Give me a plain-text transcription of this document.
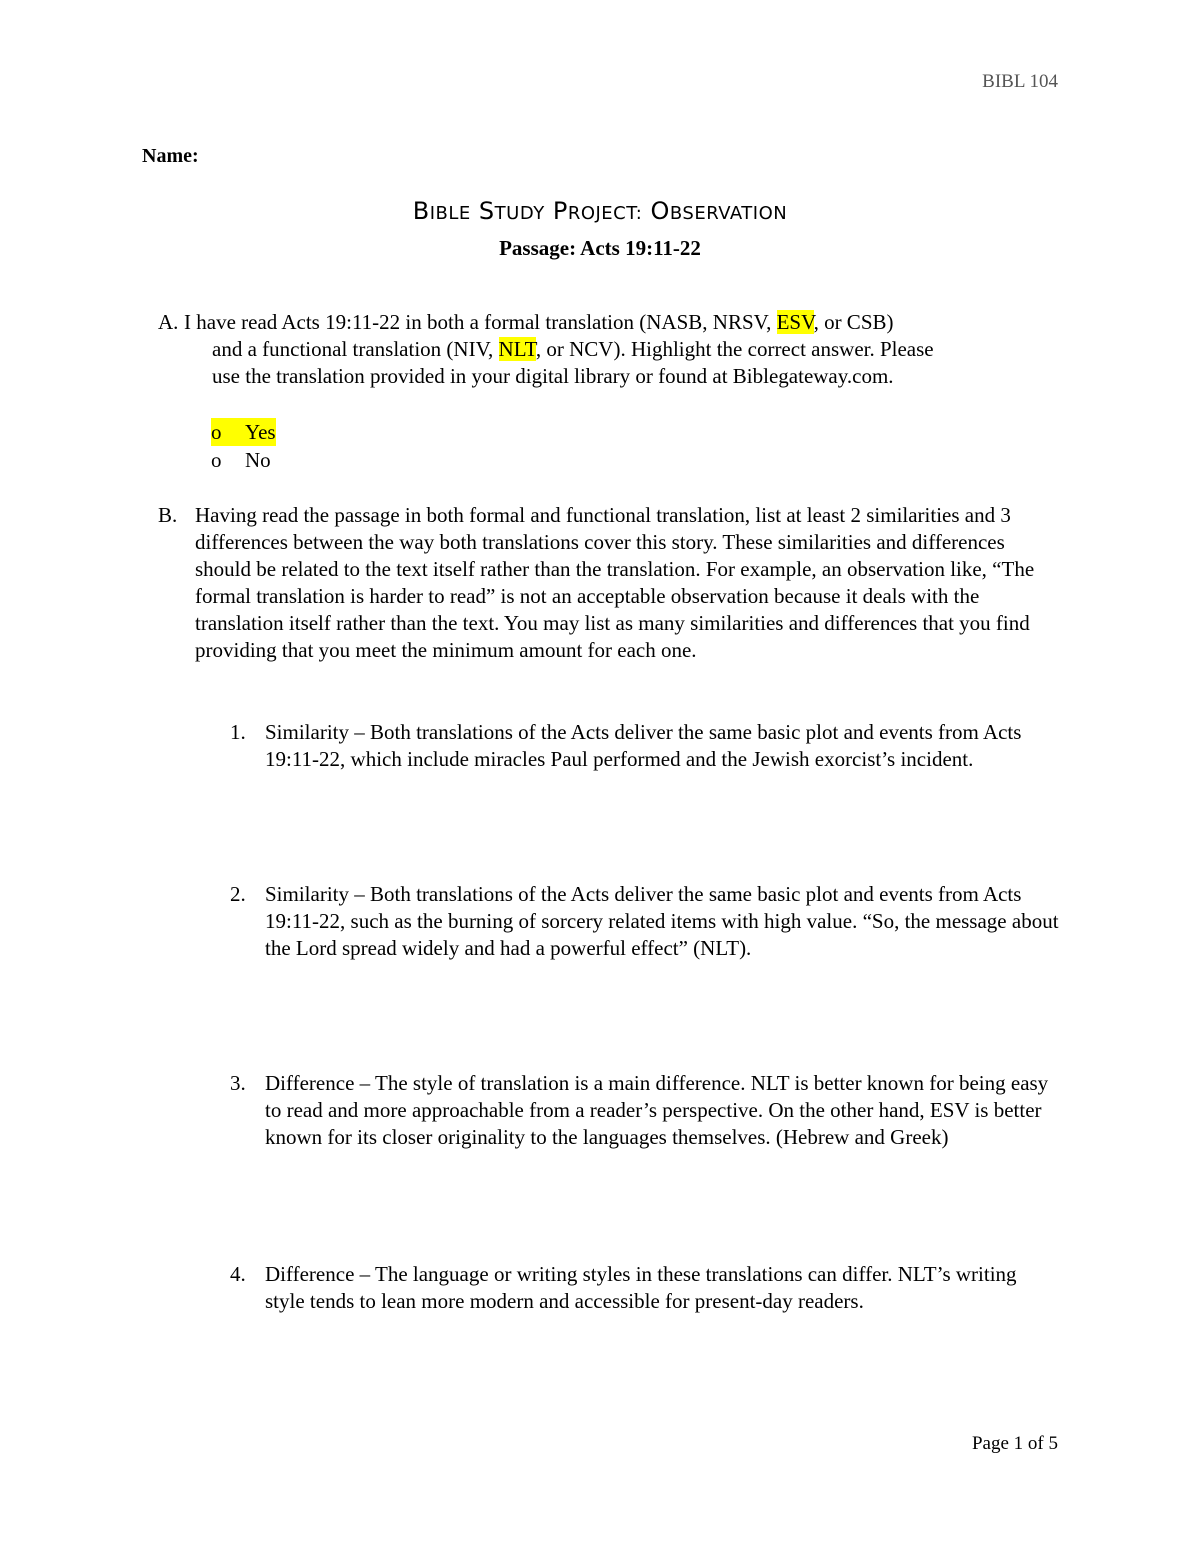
BIBL 104
Name:
BIBLE STUDY PROJECT: OBSERVATION
Passage: Acts 19:11-22
A. I have read Acts 19:11-22 in both a formal translation (NASB, NRSV, ESV, or CSB)
and a functional translation (NIV, NLT, or NCV). Highlight the correct answer. Please
use the translation provided in your digital library or found at Biblegateway.com.
o	Yes
o	No
B. Having read the passage in both formal and functional translation, list at least 2 similarities and 3 differences between the way both translations cover this story. These similarities and differences should be related to the text itself rather than the translation. For example, an observation like, “The formal translation is harder to read” is not an acceptable observation because it deals with the translation itself rather than the text. You may list as many similarities and differences that you find providing that you meet the minimum amount for each one.
1. Similarity – Both translations of the Acts deliver the same basic plot and events from Acts 19:11-22, which include miracles Paul performed and the Jewish exorcist’s incident.
2. Similarity – Both translations of the Acts deliver the same basic plot and events from Acts 19:11-22, such as the burning of sorcery related items with high value. “So, the message about the Lord spread widely and had a powerful effect” (NLT).
3. Difference – The style of translation is a main difference. NLT is better known for being easy to read and more approachable from a reader’s perspective. On the other hand, ESV is better known for its closer originality to the languages themselves. (Hebrew and Greek)
4. Difference – The language or writing styles in these translations can differ. NLT’s writing style tends to lean more modern and accessible for present-day readers.
Page 1 of 5
